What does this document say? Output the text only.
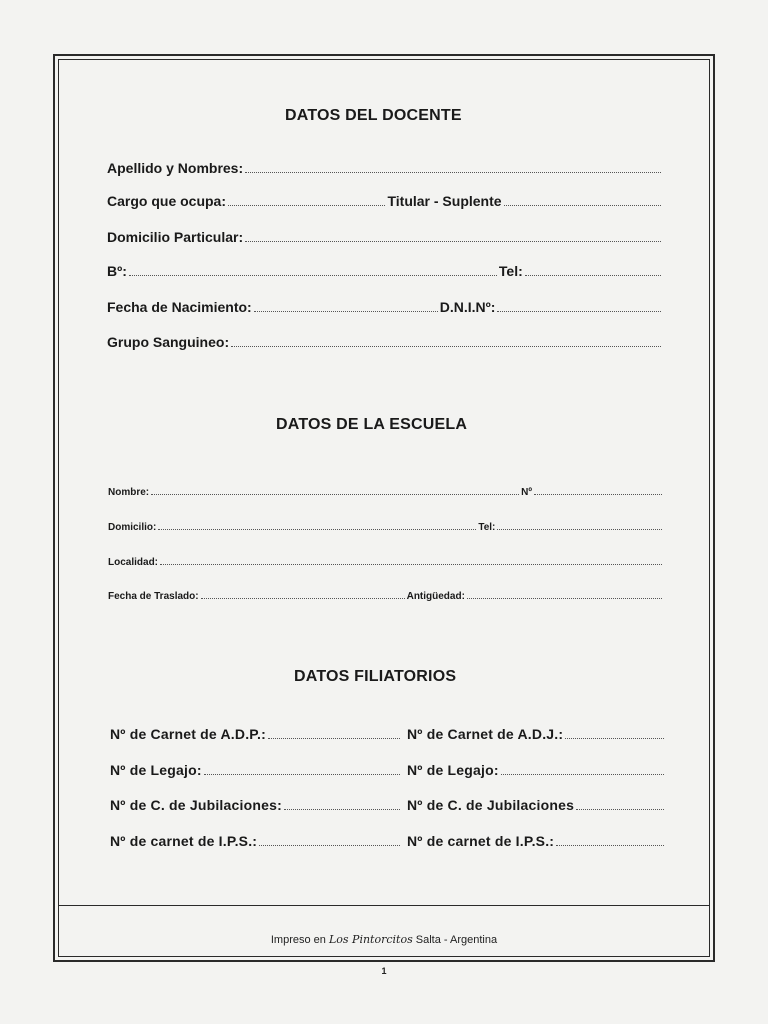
DATOS DEL DOCENTE
Apellido y Nombres:
Cargo que ocupa:	Titular - Suplente
Domicilio Particular:
Bº:	Tel:
Fecha de Nacimiento:	D.N.I.Nº:
Grupo Sanguineo:
DATOS DE LA ESCUELA
Nombre:	Nº
Domicilio:	Tel:
Localidad:
Fecha de Traslado:	Antigüedad:
DATOS FILIATORIOS
Nº de Carnet de A.D.P.:	Nº de Carnet de A.D.J.:
Nº de Legajo:	Nº de Legajo:
Nº de C. de Jubilaciones:	Nº de C. de Jubilaciones
Nº de carnet de I.P.S.:	Nº de carnet de I.P.S.:
Impreso en Los Pintorcitos Salta - Argentina
1
